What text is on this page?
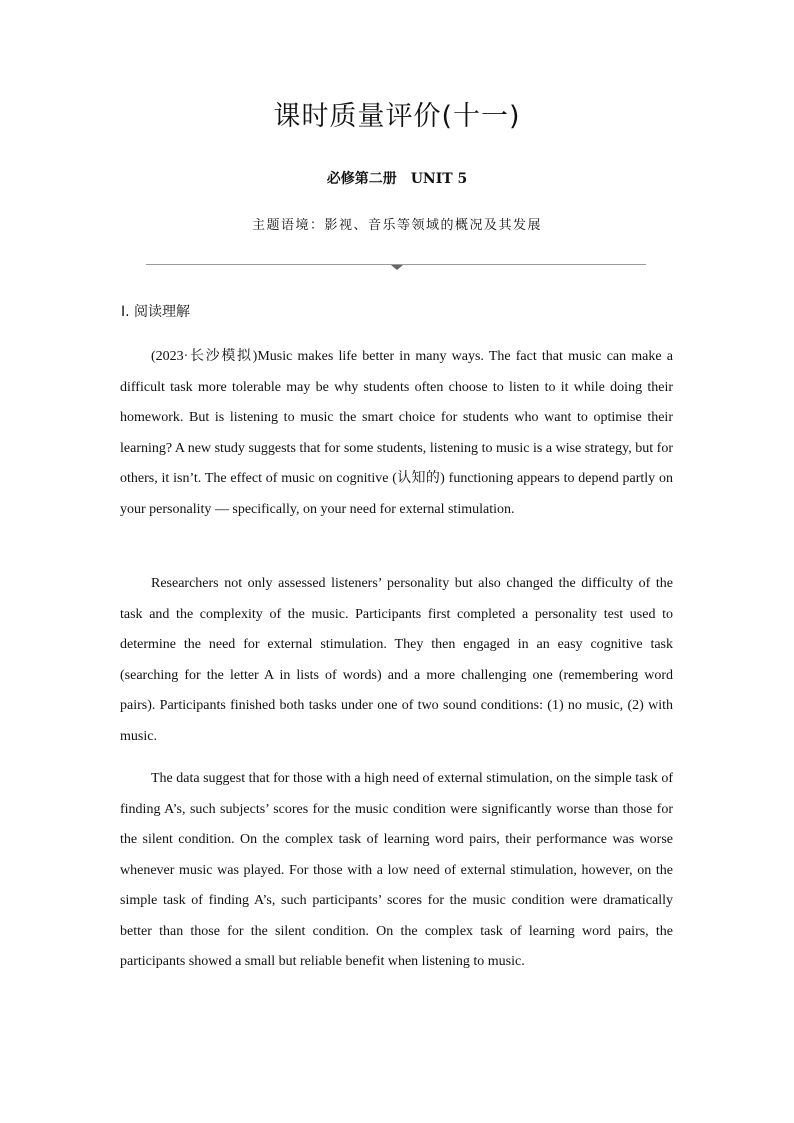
课时质量评价(十一)
必修第二册 UNIT 5
主题语境：影视、音乐等领域的概况及其发展
Ⅰ. 阅读理解

(2023·长沙模拟)Music makes life better in many ways. The fact that music can make a difficult task more tolerable may be why students often choose to listen to it while doing their homework. But is listening to music the smart choice for students who want to optimise their learning? A new study suggests that for some students, listening to music is a wise strategy, but for others, it isn’t. The effect of music on cognitive (认知的) functioning appears to depend partly on your personality — specifically, on your need for external stimulation.

Researchers not only assessed listeners’ personality but also changed the difficulty of the task and the complexity of the music. Participants first completed a personality test used to determine the need for external stimulation. They then engaged in an easy cognitive task (searching for the letter A in lists of words) and a more challenging one (remembering word pairs). Participants finished both tasks under one of two sound conditions: (1) no music, (2) with music.

The data suggest that for those with a high need of external stimulation, on the simple task of finding A’s, such subjects’ scores for the music condition were significantly worse than those for the silent condition. On the complex task of learning word pairs, their performance was worse whenever music was played. For those with a low need of external stimulation, however, on the simple task of finding A’s, such participants’ scores for the music condition were dramatically better than those for the silent condition. On the complex task of learning word pairs, the participants showed a small but reliable benefit when listening to music.
